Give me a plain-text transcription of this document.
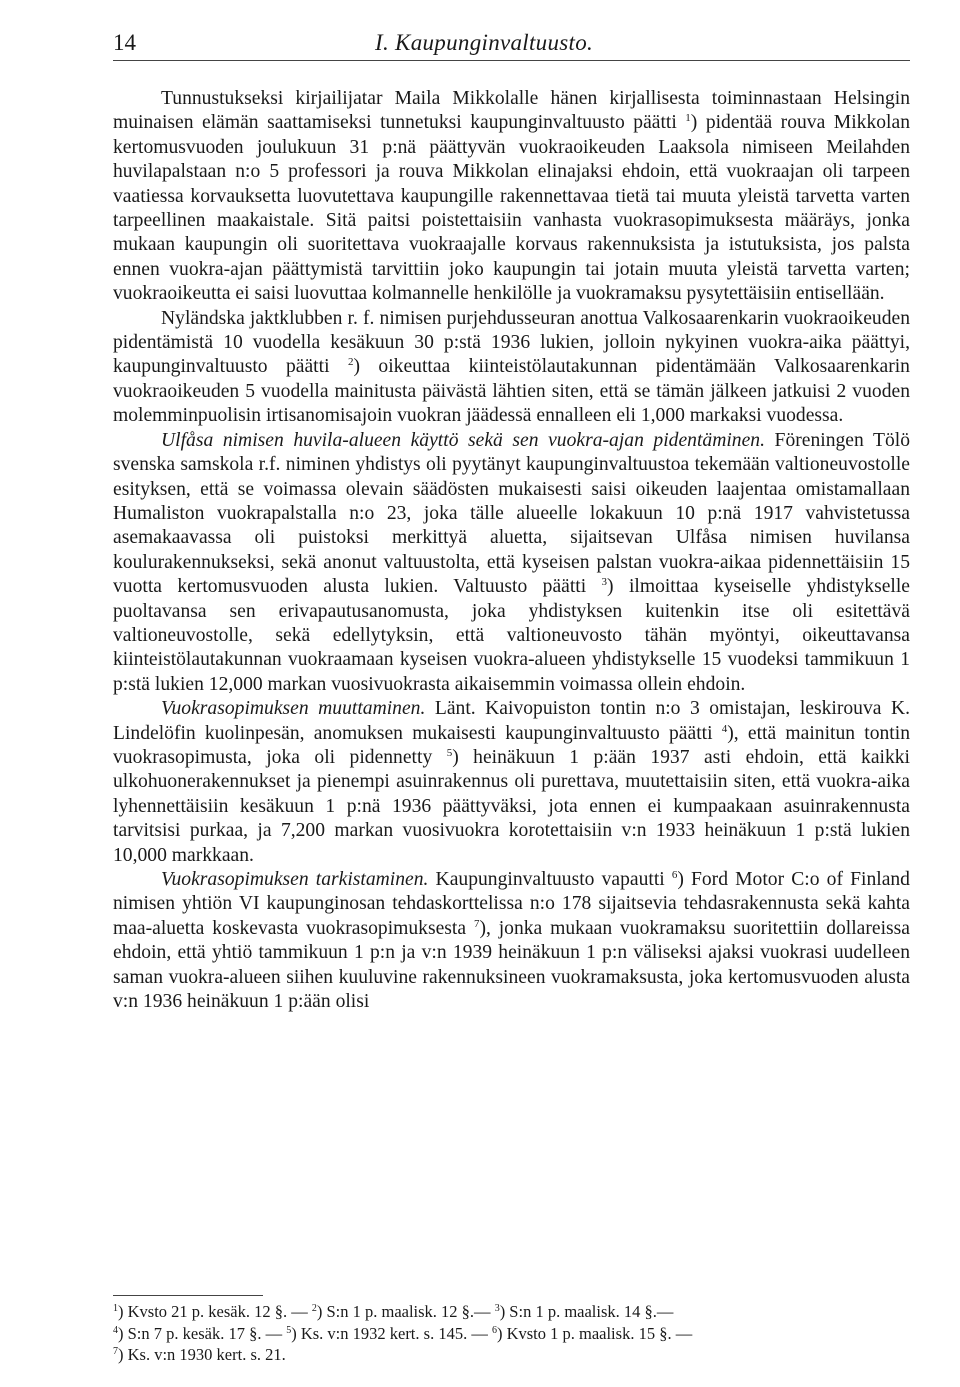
14	I. Kaupunginvaltuusto.

Tunnustukseksi kirjailijatar Maila Mikkolalle hänen kirjallisesta toiminnastaan Helsingin muinaisen elämän saattamiseksi tunnetuksi kaupunginvaltuusto päätti $^1$) pidentää rouva Mikkolan kertomusvuoden joulukuun 31 p:nä päättyvän vuokraoikeuden Laaksola nimiseen Meilahden huvilapalstaan n:o 5 professori ja rouva Mikkolan elinajaksi ehdoin, että vuokraajan oli tarpeen vaatiessa korvauksetta luovutettava kaupungille rakennettavaa tietä tai muuta yleistä tarvetta varten tarpeellinen maakaistale. Sitä paitsi poistettaisiin vanhasta vuokrasopimuksesta määräys, jonka mukaan kaupungin oli suoritettava vuokraajalle korvaus rakennuksista ja istutuksista, jos palsta ennen vuokra-ajan päättymistä tarvittiin joko kaupungin tai jotain muuta yleistä tarvetta varten; vuokraoikeutta ei saisi luovuttaa kolmannelle henkilölle ja vuokramaksu pysytettäisiin entisellään.

Nyländska jaktklubben r. f. nimisen purjehdusseuran anottua Valkosaarenkarin vuokraoikeuden pidentämistä 10 vuodella kesäkuun 30 p:stä 1936 lukien, jolloin nykyinen vuokra-aika päättyi, kaupunginvaltuusto päätti $^2$) oikeuttaa kiinteistölautakunnan pidentämään Valkosaarenkarin vuokraoikeuden 5 vuodella mainitusta päivästä lähtien siten, että se tämän jälkeen jatkuisi 2 vuoden molemminpuolisin irtisanomisajoin vuokran jäädessä ennalleen eli 1,000 markaksi vuodessa.

Ulfåsa nimisen huvila-alueen käyttö sekä sen vuokra-ajan pidentäminen. Föreningen Tölö svenska samskola r.f. niminen yhdistys oli pyytänyt kaupunginvaltuustoa tekemään valtioneuvostolle esityksen, että se voimassa olevain säädösten mukaisesti saisi oikeuden laajentaa omistamallaan Humaliston vuokrapalstalla n:o 23, joka tälle alueelle lokakuun 10 p:nä 1917 vahvistetussa asemakaavassa oli puistoksi merkittyä aluetta, sijaitsevan Ulfåsa nimisen huvilansa koulurakennukseksi, sekä anonut valtuustolta, että kyseisen palstan vuokra-aikaa pidennettäisiin 15 vuotta kertomusvuoden alusta lukien. Valtuusto päätti $^3$) ilmoittaa kyseiselle yhdistykselle puoltavansa sen erivapautusanomusta, joka yhdistyksen kuitenkin itse oli esitettävä valtioneuvostolle, sekä edellytyksin, että valtioneuvosto tähän myöntyi, oikeuttavansa kiinteistölautakunnan vuokraamaan kyseisen vuokra-alueen yhdistykselle 15 vuodeksi tammikuun 1 p:stä lukien 12,000 markan vuosivuokrasta aikaisemmin voimassa ollein ehdoin.

Vuokrasopimuksen muuttaminen. Länt. Kaivopuiston tontin n:o 3 omistajan, leskirouva K. Lindelöfin kuolinpesän, anomuksen mukaisesti kaupunginvaltuusto päätti $^4$), että mainitun tontin vuokrasopimusta, joka oli pidennetty $^5$) heinäkuun 1 p:ään 1937 asti ehdoin, että kaikki ulkohuonerakennukset ja pienempi asuinrakennus oli purettava, muutettaisiin siten, että vuokra-aika lyhennettäisiin kesäkuun 1 p:nä 1936 päättyväksi, jota ennen ei kumpaakaan asuinrakennusta tarvitsisi purkaa, ja 7,200 markan vuosivuokra korotettaisiin v:n 1933 heinäkuun 1 p:stä lukien 10,000 markkaan.

Vuokrasopimuksen tarkistaminen. Kaupunginvaltuusto vapautti $^6$) Ford Motor C:o of Finland nimisen yhtiön VI kaupunginosan tehdaskorttelissa n:o 178 sijaitsevia tehdasrakennusta sekä kahta maa-aluetta koskevasta vuokrasopimuksesta $^7$), jonka mukaan vuokramaksu suoritettiin dollareissa ehdoin, että yhtiö tammikuun 1 p:n ja v:n 1939 heinäkuun 1 p:n väliseksi ajaksi vuokrasi uudelleen saman vuokra-alueen siihen kuuluvine rakennuksineen vuokramaksusta, joka kertomusvuoden alusta v:n 1936 heinäkuun 1 p:ään olisi

$^1$) Kvsto 21 p. kesäk. 12 §. — $^2$) S:n 1 p. maalisk. 12 §.— $^3$) S:n 1 p. maalisk. 14 §.—
$^4$) S:n 7 p. kesäk. 17 §. — $^5$) Ks. v:n 1932 kert. s. 145. — $^6$) Kvsto 1 p. maalisk. 15 §. —
$^7$) Ks. v:n 1930 kert. s. 21.
